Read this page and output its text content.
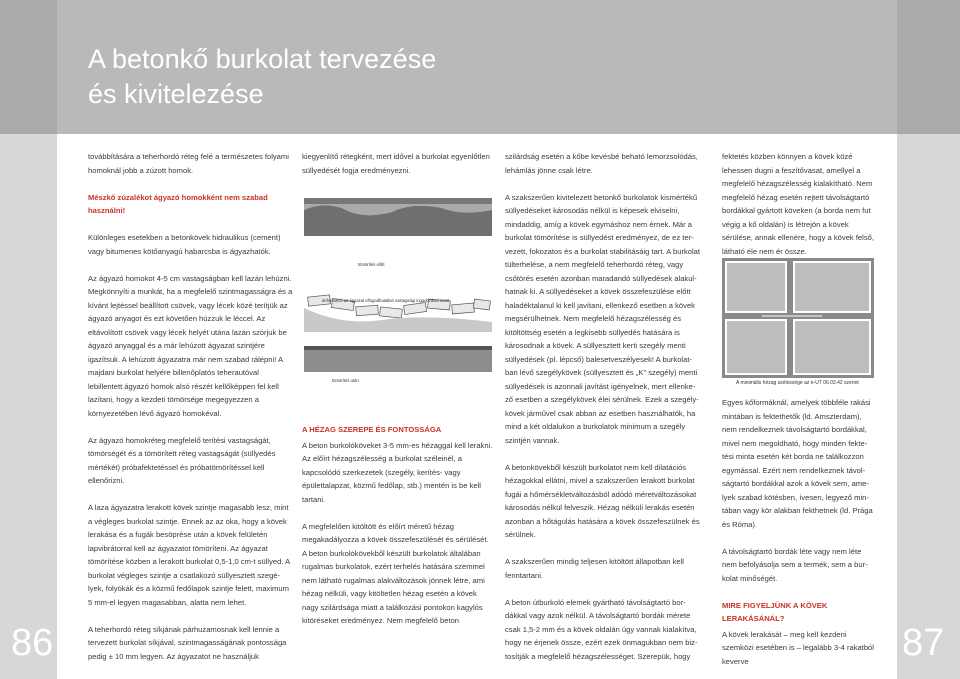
A betonkő burkolat tervezése
és kivitelezése
86	87

továbbítására a teherhordó réteg felé a természetes folyami homoknál jobb a zúzott homok.

Mészkő zúzalékot ágyazó homokként nem szabad használni!

Különleges esetekben a betonkövek hidraulikus (cement) vagy bitumenes kötőanyagú habarcsba is ágyazhatók.

Az ágyazó homokot 4-5 cm vastagságban kell lazán lehúzni. Megkönnyíti a munkát, ha a megfelelő szintmagasságra és a kívánt lejtéssel beállított csövek, vagy lécek közé terítjük az ágyazó anyagot és ezt követően húzzuk le léccel. Az eltávolított csövek vagy lécek helyét utána lazán szórjuk be ágyazó anyaggal és a már lehúzott ágyazat szintjére igazítsuk. A lehúzott ágyazatra már nem szabad rálépni! A majdani burkolat helyére billenőplatós teherautóval lebillentett ágyazó homok alsó részét kellőképpen fel kell lazítani, hogy a kezdeti tömörsége megegyezzen a környezetében lévő ágyazó homokéval.

Az ágyazó homokréteg megfelelő terítési vastagságát, tömörségét és a tömörített réteg vastagságát (süllyedés mértékét) próbafektetéssel és próbatömörítéssel kell ellenőrizni.

A laza ágyazatra lerakott kövek szintje magasabb lesz, mint a végleges burkolat szintje. Ennek az az oka, hogy a kövek lerakása és a fugák besöprése után a kövek felületén lapvibrátorral kell az ágyazatot tömöríteni. Az ágyazat tömörítése közben a lerakott burkolat 0,5-1,0 cm-t süllyed. A burkolat végleges szintje a csatlakozó süllyesztett szegélyek, folyókák és a közmű fedőlapok szintje felett, maximum 5 mm-el legyen magasabban, alatta nem lehet.

A teherhordó réteg síkjának párhuzamosnak kell lennie a tervezett burkolat síkjával, szintmagasságának pontossága pedig ± 10 mm legyen. Az ágyazatot ne használjuk

kiegyenlítő rétegként, mert idővel a burkolat egyenlőtlen süllyedését fogja eredményezni.

tömörítés előtt
deformáció az ágyazat elfogadhatatlan vastagsági ingadozásai miatt
tömörítés után

A HÉZAG SZEREPE ÉS FONTOSSÁGA

A beton burkolóköveket 3-5 mm-es hézaggal kell lerakni. Az előírt hézagszélesség a burkolat széleinél, a kapcsolódó szerkezetek (szegély, kerítés- vagy épülettalapzat, közmű fedőlap, stb.) mentén is be kell tartani.

A megfelelően kitöltött és előírt méretű hézag megakadályozza a kövek összefeszülését és sérülését. A beton burkolókövekből készült burkolatok általában rugalmas burkolatok, ezért terhelés hatására szemmel nem látható rugalmas alakváltozások jönnek létre, ami hézag nélküli, vagy kitöltetlen hézag esetén a kövek nagy szilárdsága miatt a találkozási pontokon kagylós kitöréseket eredményez. Nem megfelelő beton

szilárdság esetén a kőbe kevésbé beható lemorzsolódás, lehámlás jönne csak létre.

A szakszerűen kivitelezett betonkő burkolatok kismértékű süllyedéseket károsodás nélkül is képesek elviselni, mindaddig, amíg a kövek egymáshoz nem érnek. Már a burkolat tömörítése is süllyedést eredményez, de ez tervezett, fokozatos és a burkolat stabilitásáig tart. A burkolat tülterhelése, a nem megfelelő teherhordó réteg, vagy csőtörés esetén azonban maradandó süllyedések alakulhatnak ki. A süllyedéseket a kövek összefeszülése előtt haladéktalanul ki kell javítani, ellenkező esetben a kövek megsérülhetnek. Nem megfelelő hézagszélesség és kitöltöttség esetén a legkisebb süllyedés hatására is károsodnak a kövek. A süllyesztett kerti szegély menti süllyedések (pl. lépcső) balesetveszélyesek! A burkolatban lévő szegélykövek (süllyesztett és „K" szegély) menti süllyedések is azonnali javítást igényelnek, mert ellenkező esetben a szegélykövek élei sérülnek. Ezek a szegélykövek járművel csak abban az esetben használhatók, ha mind a két oldalukon a burkolatok minimum a szegély szintjén vannak.

A betonkövekből készült burkolatot nem kell dilatációs hézagokkal ellátni, mivel a szakszerűen lerakott burkolat fugái a hőmérsékletváltozásból adódó méretváltozásokat károsodás nélkül felveszik. Hézag nélküli lerakás esetén azonban a hőtágulás hatására a kövek összefeszülnek és sérülnek.

A szakszerűen mindig teljesen kitöltött állapotban kell fenntartani.

A beton útburkoló elemek gyártható távolságtartó bordákkal vagy azok nélkül. A távolságtartó bordák mérete csak 1,5-2 mm és a kövek oldalán úgy vannak kialakítva, hogy ne érjenek össze, ezért ezek önmagukban nem biztosítják a megfelelő hézagszélességet. Szerepük, hogy

fektetés közben könnyen a kövek közé lehessen dugni a feszítővasat, amellyel a megfelelő hézagszélesség kialakítható. Nem megfelelő hézag esetén rejtett távolságtartó bordákkal gyártott köveken (a borda nem fut végig a kő oldalán) is létrejön a kövek sérülése, annak ellenére, hogy a kövek felső, látható éle nem ér össze.

A minimális hézag szélessége az e-UT 06.03.42 szerint

Egyes kőformáknál, amelyek többféle rakási mintában is fektethetők (ld. Amszterdam), nem rendelkeznek távolságtartó bordákkal, mivel nem megoldható, hogy minden fektetési minta esetén két borda ne találkozzon egymással. Ezért nem rendelkeznek távolságtartó bordákkal azok a kövek sem, amelyek szabad kötésben, ívesen, legyező mintában vagy kör alakban fekthetnek (ld. Prága és Róma).

A távolságtartó bordák léte vagy nem léte nem befolyásolja sem a termék, sem a burkolat minőségét.

MIRE FIGYELJÜNK A KÖVEK LERAKÁSÁNÁL?

A kövek lerakását – meg kell kezdeni szemközi esetében is – legalább 3-4 rakatból keverve
